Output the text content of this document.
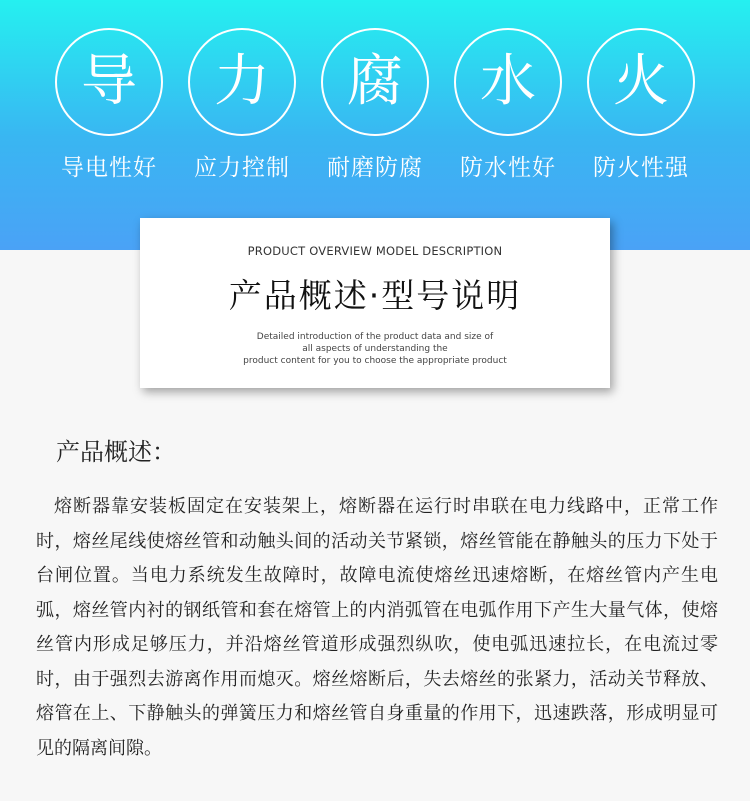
导
导电性好
力
应力控制
腐
耐磨防腐
水
防水性好
火
防火性强
PRODUCT OVERVIEW MODEL DESCRIPTION
产品概述·型号说明
Detailed introduction of the product data and size of
all aspects of understanding the
product content for you to choose the appropriate product
产品概述：

熔断器靠安装板固定在安装架上，熔断器在运行时串联在电力线路中，正常工作时，熔丝尾线使熔丝管和动触头间的活动关节紧锁，熔丝管能在静触头的压力下处于台闸位置。当电力系统发生故障时，故障电流使熔丝迅速熔断，在熔丝管内产生电弧，熔丝管内衬的钢纸管和套在熔管上的内消弧管在电弧作用下产生大量气体，使熔丝管内形成足够压力，并沿熔丝管道形成强烈纵吹，使电弧迅速拉长，在电流过零时，由于强烈去游离作用而熄灭。熔丝熔断后，失去熔丝的张紧力，活动关节释放、熔管在上、下静触头的弹簧压力和熔丝管自身重量的作用下，迅速跌落，形成明显可见的隔离间隙。
